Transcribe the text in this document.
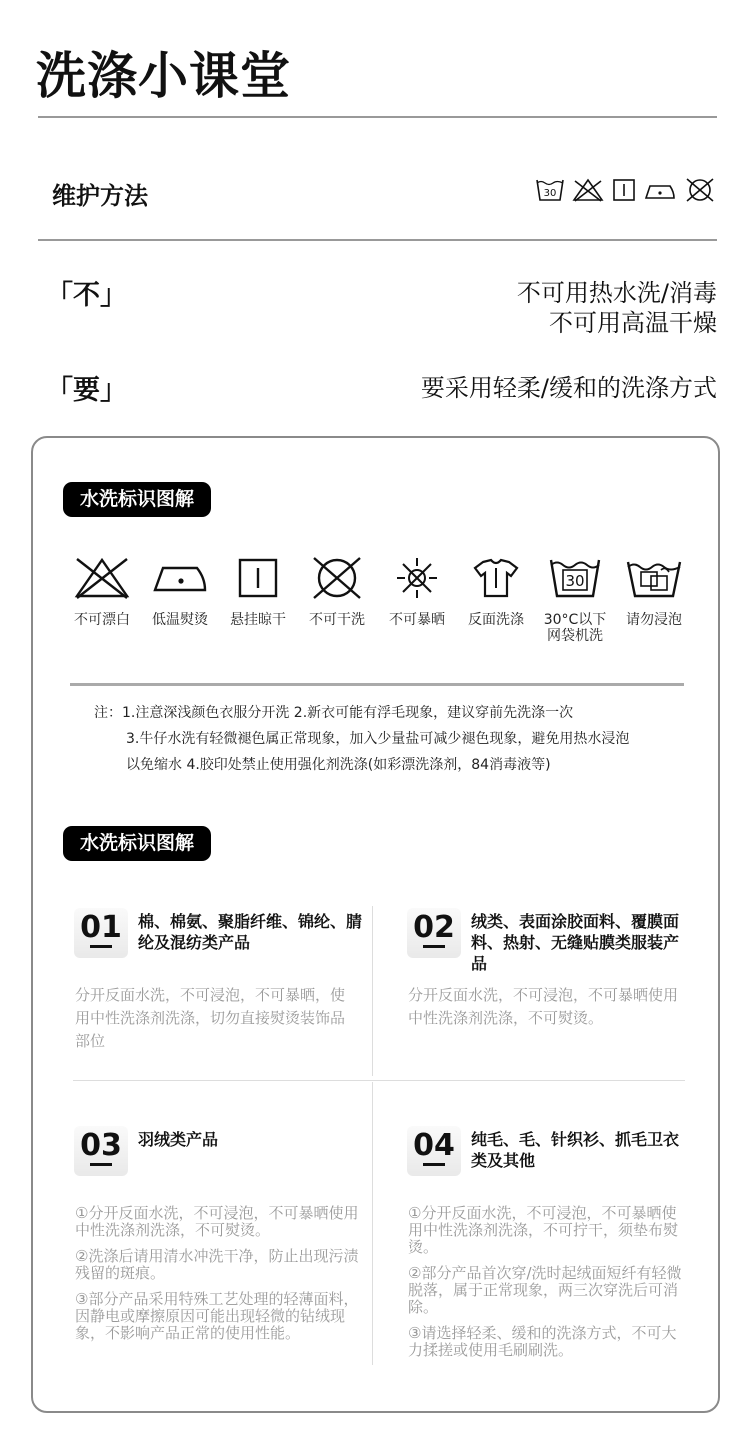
洗涤小课堂
维护方法	30
「不」	不可用热水洗/消毒
不可用高温干燥
「要」	要采用轻柔/缓和的洗涤方式
水洗标识图解
不可漂白	低温熨烫	悬挂晾干	不可干洗	不可暴晒	反面洗涤
30
30°C以下 网袋机洗
请勿浸泡
注：1.注意深浅颜色衣服分开洗 2.新衣可能有浮毛现象，建议穿前先洗涤一次
3.牛仔水洗有轻微褪色属正常现象，加入少量盐可减少褪色现象，避免用热水浸泡
以免缩水 4.胶印处禁止使用强化剂洗涤(如彩漂洗涤剂，84消毒液等)
水洗标识图解
01	棉、棉氨、聚脂纤维、锦纶、腈纶及混纺类产品

分开反面水洗，不可浸泡，不可暴晒，使用中性洗涤剂洗涤，切勿直接熨烫装饰品部位

02	绒类、表面涂胶面料、覆膜面料、热射、无缝贴膜类服装产品

分开反面水洗，不可浸泡，不可暴晒使用中性洗涤剂洗涤，不可熨烫。

03	羽绒类产品

①分开反面水洗，不可浸泡，不可暴晒使用中性洗涤剂洗涤，不可熨烫。

②洗涤后请用清水冲洗干净，防止出现污渍残留的斑痕。

③部分产品采用特殊工艺处理的轻薄面料，因静电或摩擦原因可能出现轻微的钻绒现象，不影响产品正常的使用性能。

04	纯毛、毛、针织衫、抓毛卫衣类及其他

①分开反面水洗，不可浸泡，不可暴晒使用中性洗涤剂洗涤，不可拧干，须垫布熨烫。

②部分产品首次穿/洗时起绒面短纤有轻微脱落，属于正常现象，两三次穿洗后可消除。

③请选择轻柔、缓和的洗涤方式，不可大力揉搓或使用毛刷刷洗。
